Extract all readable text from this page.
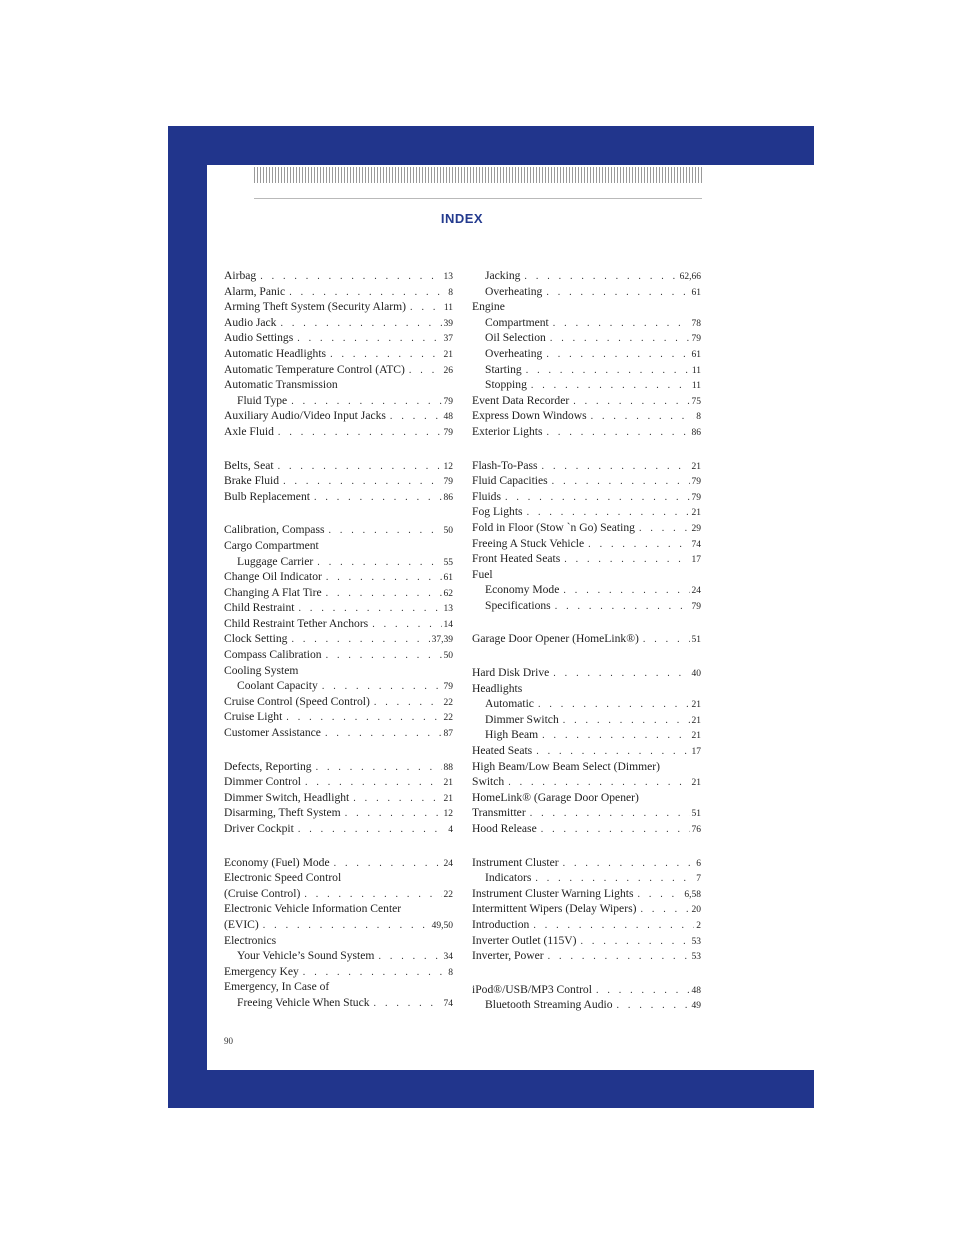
INDEX
Airbag . . .	13
Alarm, Panic . . .	8
Arming Theft System (Security Alarm) . . .	11
Audio Jack . . .	39
Audio Settings . . .	37
Automatic Headlights . . .	21
Automatic Temperature Control (ATC) . . .	26
Automatic Transmission
Fluid Type . . .	79
Auxiliary Audio/Video Input Jacks . . .	48
Axle Fluid . . .	79
Belts, Seat . . .	12
Brake Fluid . . .	79
Bulb Replacement . . .	86
Calibration, Compass . . .	50
Cargo Compartment
Luggage Carrier . . .	55
Change Oil Indicator . . .	61
Changing A Flat Tire . . .	62
Child Restraint . . .	13
Child Restraint Tether Anchors . . .	14
Clock Setting . . .	37,39
Compass Calibration . . .	50
Cooling System
Coolant Capacity . . .	79
Cruise Control (Speed Control) . . .	22
Cruise Light . . .	22
Customer Assistance . . .	87
Defects, Reporting . . .	88
Dimmer Control . . .	21
Dimmer Switch, Headlight . . .	21
Disarming, Theft System . . .	12
Driver Cockpit . . .	4
Economy (Fuel) Mode . . .	24
Electronic Speed Control
(Cruise Control) . . .	22
Electronic Vehicle Information Center
(EVIC) . . .	49,50
Electronics
Your Vehicle’s Sound System . . .	34
Emergency Key . . .	8
Emergency, In Case of
Freeing Vehicle When Stuck . . .	74
Jacking . . .	62,66
Overheating . . .	61
Engine
Compartment . . .	78
Oil Selection . . .	79
Overheating . . .	61
Starting . . .	11
Stopping . . .	11
Event Data Recorder . . .	75
Express Down Windows . . .	8
Exterior Lights . . .	86
Flash-To-Pass . . .	21
Fluid Capacities . . .	79
Fluids . . .	79
Fog Lights . . .	21
Fold in Floor (Stow `n Go) Seating . . .	29
Freeing A Stuck Vehicle . . .	74
Front Heated Seats . . .	17
Fuel
Economy Mode . . .	24
Specifications . . .	79
Garage Door Opener (HomeLink®) . . .	51
Hard Disk Drive . . .	40
Headlights
Automatic . . .	21
Dimmer Switch . . .	21
High Beam . . .	21
Heated Seats . . .	17
High Beam/Low Beam Select (Dimmer)
Switch . . .	21
HomeLink® (Garage Door Opener)
Transmitter . . .	51
Hood Release . . .	76
Instrument Cluster . . .	6
Indicators . . .	7
Instrument Cluster Warning Lights . . .	6,58
Intermittent Wipers (Delay Wipers) . . .	20
Introduction . . .	2
Inverter Outlet (115V) . . .	53
Inverter, Power . . .	53
iPod®/USB/MP3 Control . . .	48
Bluetooth Streaming Audio . . .	49
90
